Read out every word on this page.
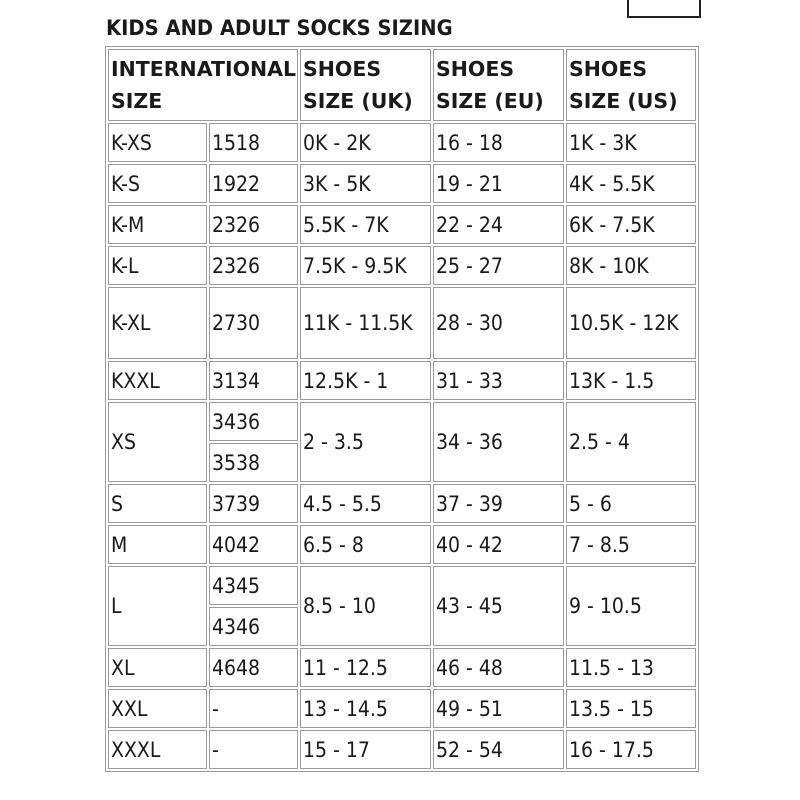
KIDS AND ADULT SOCKS SIZING
INTERNATIONAL SIZE		SHOES SIZE (UK)	SHOES SIZE (EU)	SHOES SIZE (US)
K-XS	1518	0K - 2K	16 - 18	1K - 3K
K-S	1922	3K - 5K	19 - 21	4K - 5.5K
K-M	2326	5.5K - 7K	22 - 24	6K - 7.5K
K-L	2326	7.5K - 9.5K	25 - 27	8K - 10K
K-XL	2730	11K - 11.5K	28 - 30	10.5K - 12K
KXXL	3134	12.5K - 1	31 - 33	13K - 1.5
XS	3436	2 - 3.5	34 - 36	2.5 - 4
	3538			
S	3739	4.5 - 5.5	37 - 39	5 - 6
M	4042	6.5 - 8	40 - 42	7 - 8.5
L	4345	8.5 - 10	43 - 45	9 - 10.5
	4346			
XL	4648	11 - 12.5	46 - 48	11.5 - 13
XXL	-	13 - 14.5	49 - 51	13.5 - 15
XXXL	-	15 - 17	52 - 54	16 - 17.5
